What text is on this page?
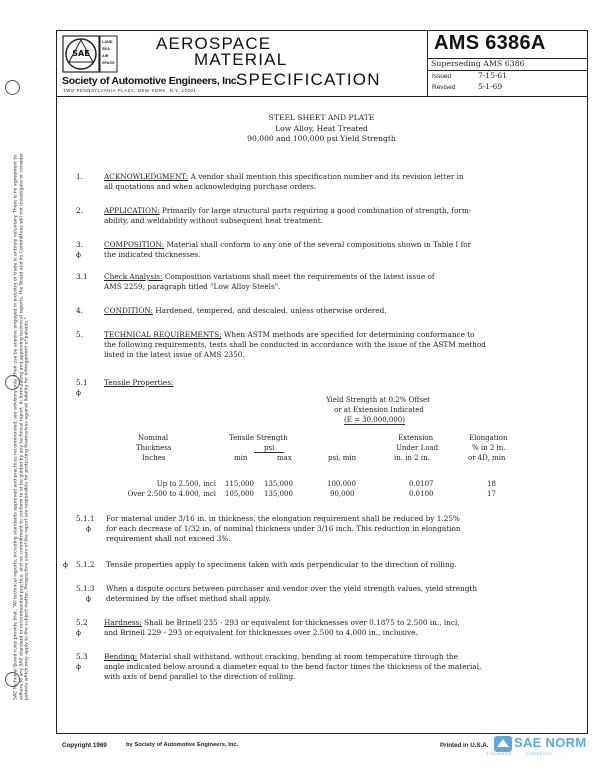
SAE Technical Board rules provide that: "All technical reports, including standards approved and practices recommended, are advisory only. Their use by anyone engaged in industry or trade is entirely voluntary. There is no agreement to adhere to any SAE standard or recommended practice, and no commitment to conform to or be guided by any technical report. In formulating and approving technical reports, the Board and its Committees will not investigate or consider patents which may apply to the subject matter. Prospective users of the report are responsible for protecting themselves against liability for infringement of patents."
SAE
LAND
SEA
AIR
SPACE
Society of Automotive Engineers, Inc.
TWO PENNSYLVANIA PLAZA, NEW YORK, N.Y. 10001
AEROSPACE
MATERIAL
SPECIFICATION
AMS 6386A
Superseding AMS 6386
Issued	7-15-61
Revised	5-1-69
STEEL SHEET AND PLATE
Low Alloy, Heat Treated
90,000 and 100,000 psi Yield Strength
1.	ACKNOWLEDGMENT: A vendor shall mention this specification number and its revision letter in
all quotations and when acknowledging purchase orders.
2.	APPLICATION: Primarily for large structural parts requiring a good combination of strength, form-
ability, and weldability without subsequent heat treatment.
3.
ϕ
COMPOSITION: Material shall conform to any one of the several compositions shown in Table I for
the indicated thicknesses.
3.1 Check Analysis: Composition variations shall meet the requirements of the latest issue of
AMS 2259, paragraph titled "Low Alloy Steels".
4.	CONDITION: Hardened, tempered, and descaled, unless otherwise ordered.
5.	TECHNICAL REQUIREMENTS: When ASTM methods are specified for determining conformance to
the following requirements, tests shall be conducted in accordance with the issue of the ASTM method
listed in the latest issue of AMS 2350.
5.1
ϕ
Tensile Properties:
Yield Strength at 0.2% Offset
or at Extension Indicated
(E = 30,000,000)
Nominal
Thickness
Inches
Tensile Strength
psi
min	max	psi, min
Extension
Under Load
in. in 2 in.
Elongation
% in 2 in.
or 4D, min
Up to 2.500, incl 115,000 135,000	100,000	0.0107	18
Over 2.500 to 4.000, incl 105,000 135,000	90,000	0.0100	17
5.1.1
ϕ
For material under 3/16 in. in thickness, the elongation requirement shall be reduced by 1.25%
for each decrease of 1/32 in. of nominal thickness under 3/16 inch. This reduction in elongation
requirement shall not exceed 3%.
ϕ 5.1.2 Tensile properties apply to specimens taken with axis perpendicular to the direction of rolling.
5.1.3
ϕ
When a dispute occurs between purchaser and vendor over the yield strength values, yield strength
determined by the offset method shall apply.
5.2
ϕ
Hardness: Shall be Brinell 235 - 293 or equivalent for thicknesses over 0.1875 to 2.500 in., incl,
and Brinell 229 - 293 or equivalent for thicknesses over 2.500 to 4.000 in., inclusive.
5.3
ϕ
Bending: Material shall withstand, without cracking, bending at room temperature through the
angle indicated below around a diameter equal to the bend factor times the thickness of the material,
with axis of bend parallel to the direction of rolling.
Copyright 1969	by Society of Automotive Engineers, Inc.	Printed in U.S.A. SAE NORM
STANDARD        CURRENCY
